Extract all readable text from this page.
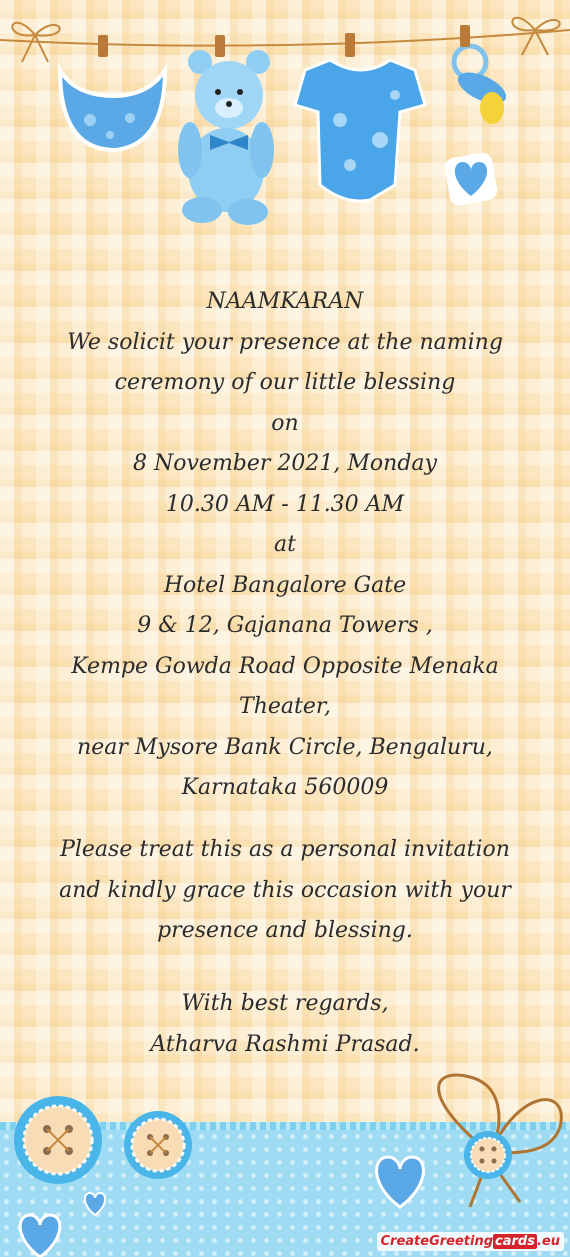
NAAMKARAN
We solicit your presence at the naming
ceremony of our little blessing
on
8 November 2021, Monday
10.30 AM - 11.30 AM
at
Hotel Bangalore Gate
9 & 12, Gajanana Towers ,
Kempe Gowda Road Opposite Menaka
Theater,
near Mysore Bank Circle, Bengaluru,
Karnataka 560009
Please treat this as a personal invitation
and kindly grace this occasion with your
presence and blessing.
With best regards,
Atharva Rashmi Prasad.
CreateGreeting cards .eu
